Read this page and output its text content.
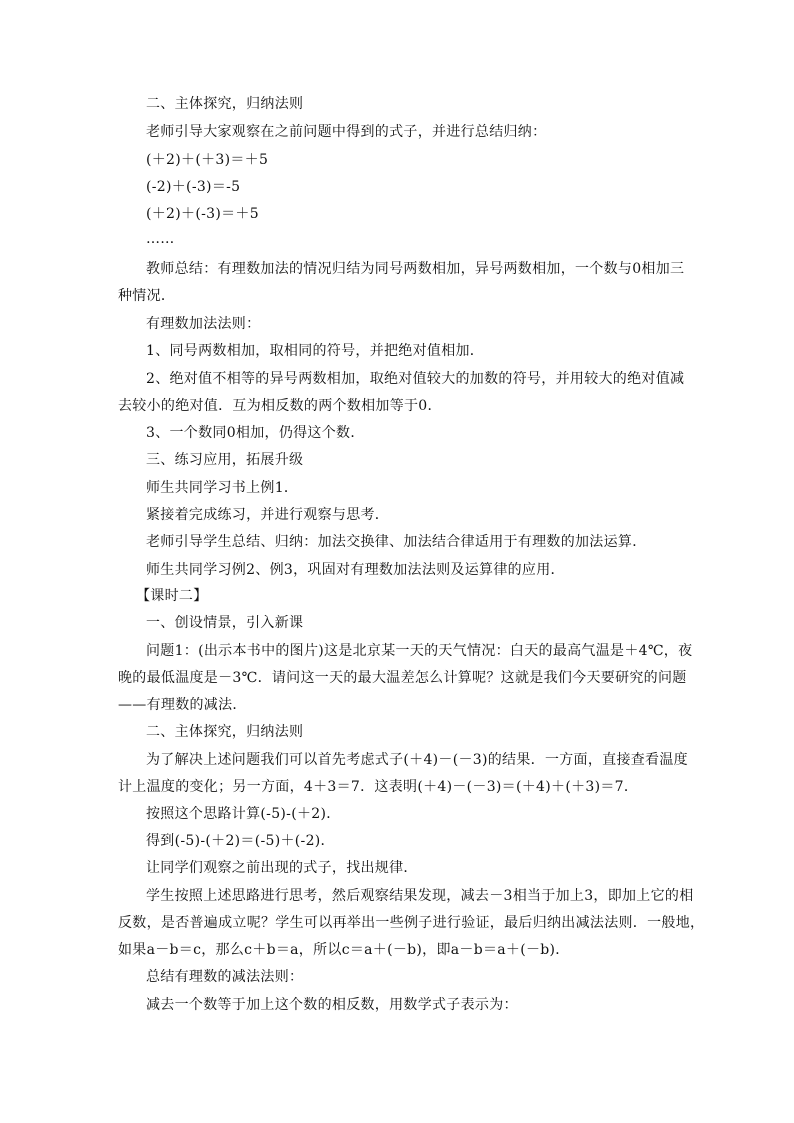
二、主体探究，归纳法则
老师引导大家观察在之前问题中得到的式子，并进行总结归纳：
(＋2)＋(＋3)＝＋5
(-2)＋(-3)＝-5
(＋2)＋(-3)＝＋5
……
教师总结：有理数加法的情况归结为同号两数相加，异号两数相加，一个数与0相加三
种情况．
有理数加法法则：
1、同号两数相加，取相同的符号，并把绝对值相加．
2、绝对值不相等的异号两数相加，取绝对值较大的加数的符号，并用较大的绝对值减
去较小的绝对值．互为相反数的两个数相加等于0．
3、一个数同0相加，仍得这个数．
三、练习应用，拓展升级
师生共同学习书上例1．
紧接着完成练习，并进行观察与思考．
老师引导学生总结、归纳：加法交换律、加法结合律适用于有理数的加法运算．
师生共同学习例2、例3，巩固对有理数加法法则及运算律的应用．
【课时二】
一、创设情景，引入新课
问题1：(出示本书中的图片)这是北京某一天的天气情况：白天的最高气温是＋4℃，夜
晚的最低温度是－3℃．请问这一天的最大温差怎么计算呢？这就是我们今天要研究的问题
——有理数的减法．
二、主体探究，归纳法则
为了解决上述问题我们可以首先考虑式子(＋4)－(－3)的结果．一方面，直接查看温度
计上温度的变化；另一方面，4＋3＝7．这表明(＋4)－(－3)＝(＋4)＋(＋3)＝7．
按照这个思路计算(-5)-(＋2)．
得到(-5)-(＋2)＝(-5)＋(-2)．
让同学们观察之前出现的式子，找出规律．
学生按照上述思路进行思考，然后观察结果发现，减去－3相当于加上3，即加上它的相
反数，是否普遍成立呢？学生可以再举出一些例子进行验证，最后归纳出减法法则．一般地，
如果a－b＝c，那么c＋b＝a，所以c＝a＋(－b)，即a－b＝a＋(－b)．
总结有理数的减法法则：
减去一个数等于加上这个数的相反数，用数学式子表示为：
